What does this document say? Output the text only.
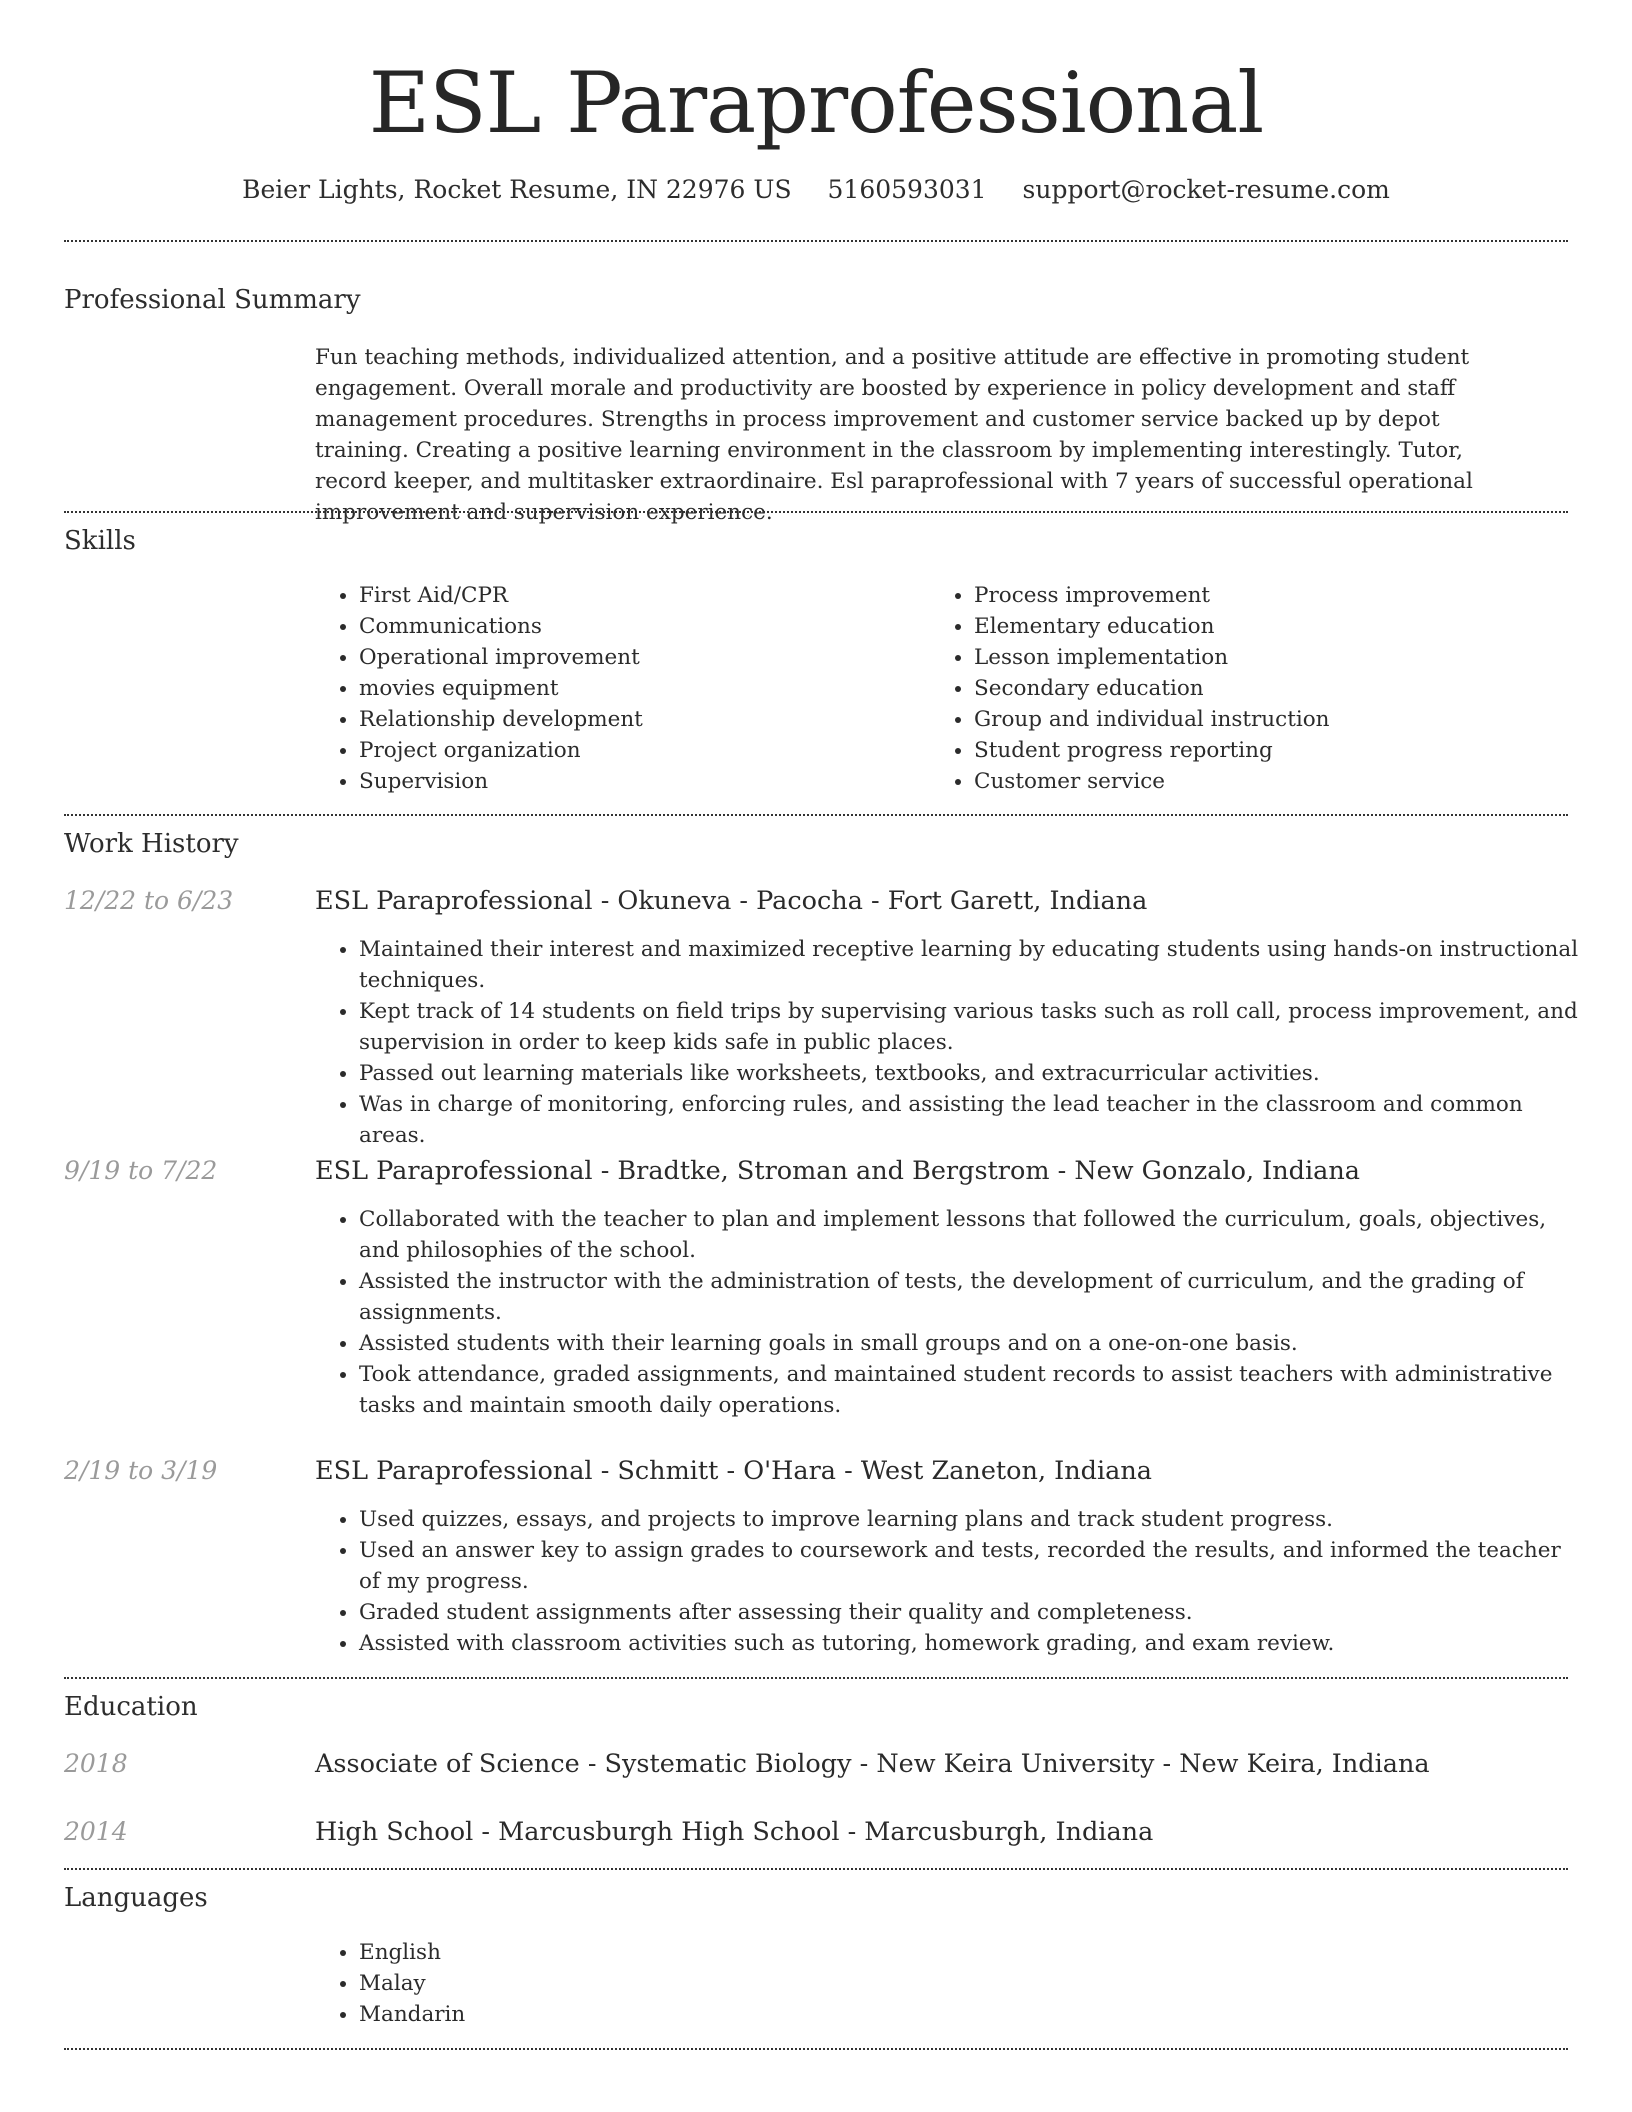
ESL Paraprofessional
Beier Lights, Rocket Resume, IN 22976 US 5160593031 support@rocket-resume.com
Professional Summary

Fun teaching methods, individualized attention, and a positive attitude are effective in promoting student engagement. Overall morale and productivity are boosted by experience in policy development and staff management procedures. Strengths in process improvement and customer service backed up by depot training. Creating a positive learning environment in the classroom by implementing interestingly. Tutor, record keeper, and multitasker extraordinaire. Esl paraprofessional with 7 years of successful operational improvement and supervision experience.

Skills
• First Aid/CPR
• Communications
• Operational improvement
• movies equipment
• Relationship development
• Project organization
• Supervision
• Process improvement
• Elementary education
• Lesson implementation
• Secondary education
• Group and individual instruction
• Student progress reporting
• Customer service
Work History
12/22 to 6/23	ESL Paraprofessional - Okuneva - Pacocha - Fort Garett, Indiana
• Maintained their interest and maximized receptive learning by educating students using hands-on instructional techniques.
• Kept track of 14 students on field trips by supervising various tasks such as roll call, process improvement, and supervision in order to keep kids safe in public places.
• Passed out learning materials like worksheets, textbooks, and extracurricular activities.
• Was in charge of monitoring, enforcing rules, and assisting the lead teacher in the classroom and common areas.
9/19 to 7/22	ESL Paraprofessional - Bradtke, Stroman and Bergstrom - New Gonzalo, Indiana
• Collaborated with the teacher to plan and implement lessons that followed the curriculum, goals, objectives, and philosophies of the school.
• Assisted the instructor with the administration of tests, the development of curriculum, and the grading of assignments.
• Assisted students with their learning goals in small groups and on a one-on-one basis.
• Took attendance, graded assignments, and maintained student records to assist teachers with administrative tasks and maintain smooth daily operations.
2/19 to 3/19	ESL Paraprofessional - Schmitt - O'Hara - West Zaneton, Indiana
• Used quizzes, essays, and projects to improve learning plans and track student progress.
• Used an answer key to assign grades to coursework and tests, recorded the results, and informed the teacher of my progress.
• Graded student assignments after assessing their quality and completeness.
• Assisted with classroom activities such as tutoring, homework grading, and exam review.
Education
2018	Associate of Science - Systematic Biology - New Keira University - New Keira, Indiana
2014	High School - Marcusburgh High School - Marcusburgh, Indiana
Languages
• English
• Malay
• Mandarin
